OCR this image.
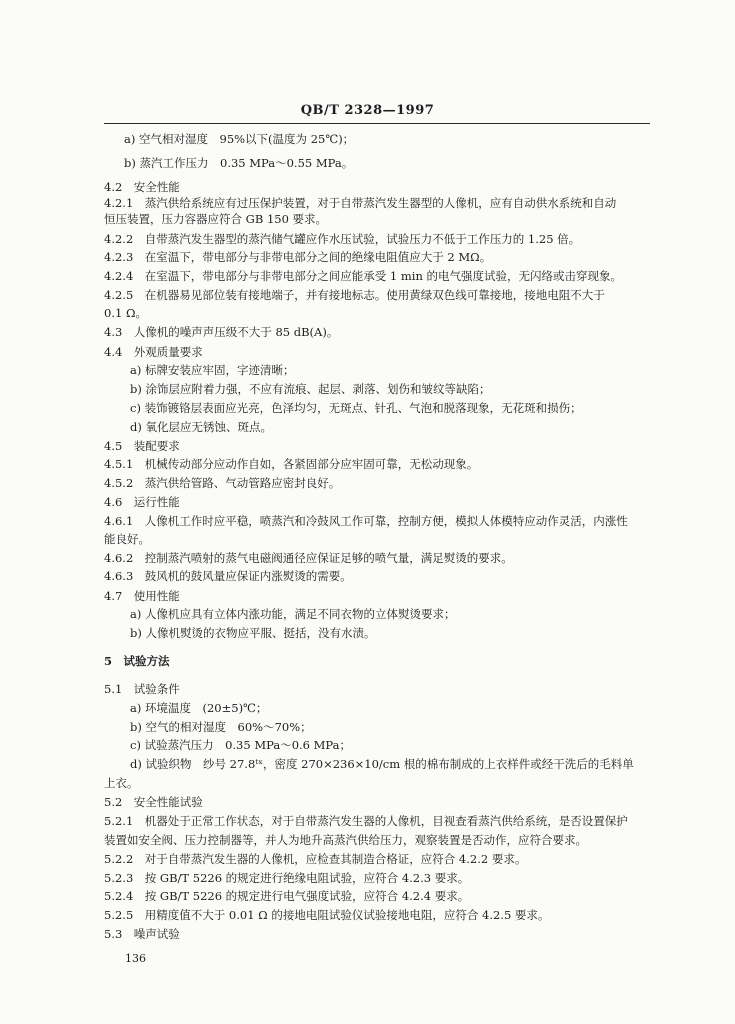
QB/T 2328—1997
a) 空气相对湿度　95%以下(温度为 25℃)；
b) 蒸汽工作压力　0.35 MPa～0.55 MPa。
4.2　安全性能
4.2.1　蒸汽供给系统应有过压保护装置，对于自带蒸汽发生器型的人像机，应有自动供水系统和自动
恒压装置，压力容器应符合 GB 150 要求。
4.2.2　自带蒸汽发生器型的蒸汽储气罐应作水压试验，试验压力不低于工作压力的 1.25 倍。
4.2.3　在室温下，带电部分与非带电部分之间的绝缘电阻值应大于 2 MΩ。
4.2.4　在室温下，带电部分与非带电部分之间应能承受 1 min 的电气强度试验，无闪络或击穿现象。
4.2.5　在机器易见部位装有接地端子，并有接地标志。使用黄绿双色线可靠接地，接地电阻不大于
0.1 Ω。
4.3　人像机的噪声声压级不大于 85 dB(A)。
4.4　外观质量要求
a) 标牌安装应牢固，字迹清晰；
b) 涂饰层应附着力强，不应有流痕、起层、剥落、划伤和皱纹等缺陷；
c) 装饰镀铬层表面应光亮，色泽均匀，无斑点、针孔、气泡和脱落现象，无花斑和损伤；
d) 氧化层应无锈蚀、斑点。
4.5　装配要求
4.5.1　机械传动部分应动作自如，各紧固部分应牢固可靠，无松动现象。
4.5.2　蒸汽供给管路、气动管路应密封良好。
4.6　运行性能
4.6.1　人像机工作时应平稳，喷蒸汽和冷鼓风工作可靠，控制方便，模拟人体模特应动作灵活，内涨性
能良好。
4.6.2　控制蒸汽喷射的蒸气电磁阀通径应保证足够的喷气量，满足熨烫的要求。
4.6.3　鼓风机的鼓风量应保证内涨熨烫的需要。
4.7　使用性能
a) 人像机应具有立体内涨功能，满足不同衣物的立体熨烫要求；
b) 人像机熨烫的衣物应平服、挺括，没有水渍。
5　试验方法
5.1　试验条件
a) 环境温度　(20±5)℃；
b) 空气的相对湿度　60%～70%；
c) 试验蒸汽压力　0.35 MPa～0.6 MPa；
d) 试验织物　纱号 27.8ᵗˣ，密度 270×236×10/cm 根的棉布制成的上衣样件或经干洗后的毛料单
上衣。
5.2　安全性能试验
5.2.1　机器处于正常工作状态，对于自带蒸汽发生器的人像机，目视查看蒸汽供给系统，是否设置保护
装置如安全阀、压力控制器等，并人为地升高蒸汽供给压力，观察装置是否动作，应符合要求。
5.2.2　对于自带蒸汽发生器的人像机，应检查其制造合格证，应符合 4.2.2 要求。
5.2.3　按 GB/T 5226 的规定进行绝缘电阻试验，应符合 4.2.3 要求。
5.2.4　按 GB/T 5226 的规定进行电气强度试验，应符合 4.2.4 要求。
5.2.5　用精度值不大于 0.01 Ω 的接地电阻试验仪试验接地电阻，应符合 4.2.5 要求。
5.3　噪声试验
136
